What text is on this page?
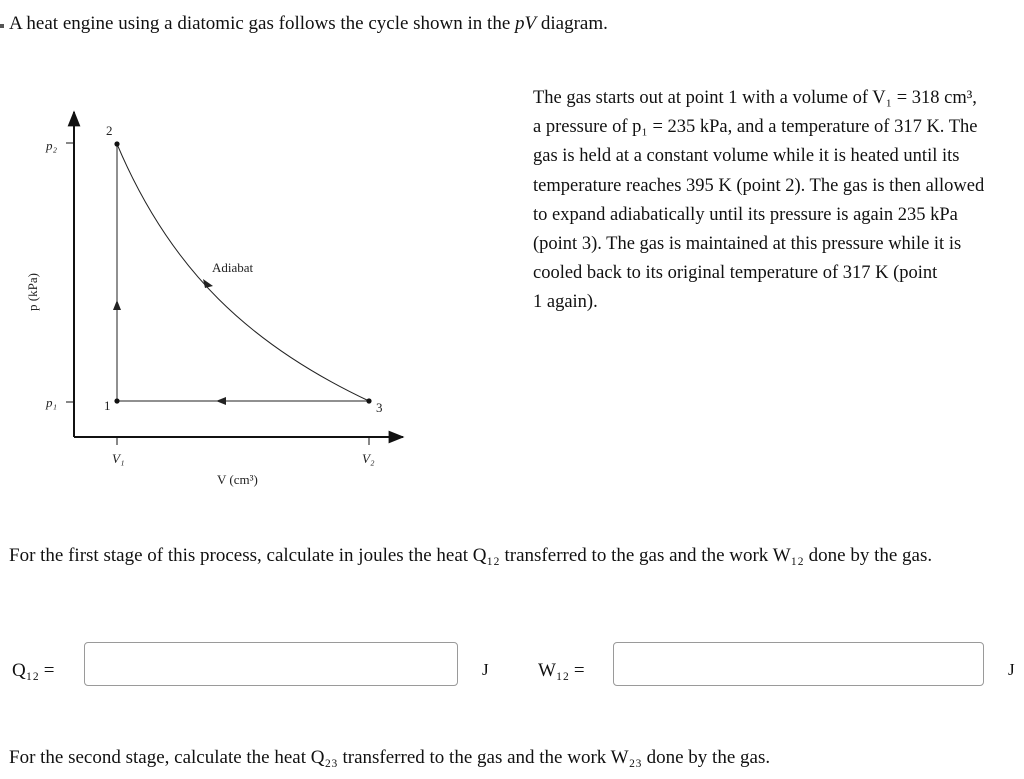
A heat engine using a diatomic gas follows the cycle shown in the pV diagram.
2
1	3
p₂
p₁
V₁	V₂
Adiabat
V (cm³)
p (kPa)
The gas starts out at point 1 with a volume of V₁ = 318 cm³,
a pressure of p₁ = 235 kPa, and a temperature of 317 K. The
gas is held at a constant volume while it is heated until its
temperature reaches 395 K (point 2). The gas is then allowed
to expand adiabatically until its pressure is again 235 kPa
(point 3). The gas is maintained at this pressure while it is
cooled back to its original temperature of 317 K (point
1 again).
For the first stage of this process, calculate in joules the heat Q₁₂ transferred to the gas and the work W₁₂ done by the gas.
Q₁₂ =	J	W₁₂ =	J
For the second stage, calculate the heat Q₂₃ transferred to the gas and the work W₂₃ done by the gas.
